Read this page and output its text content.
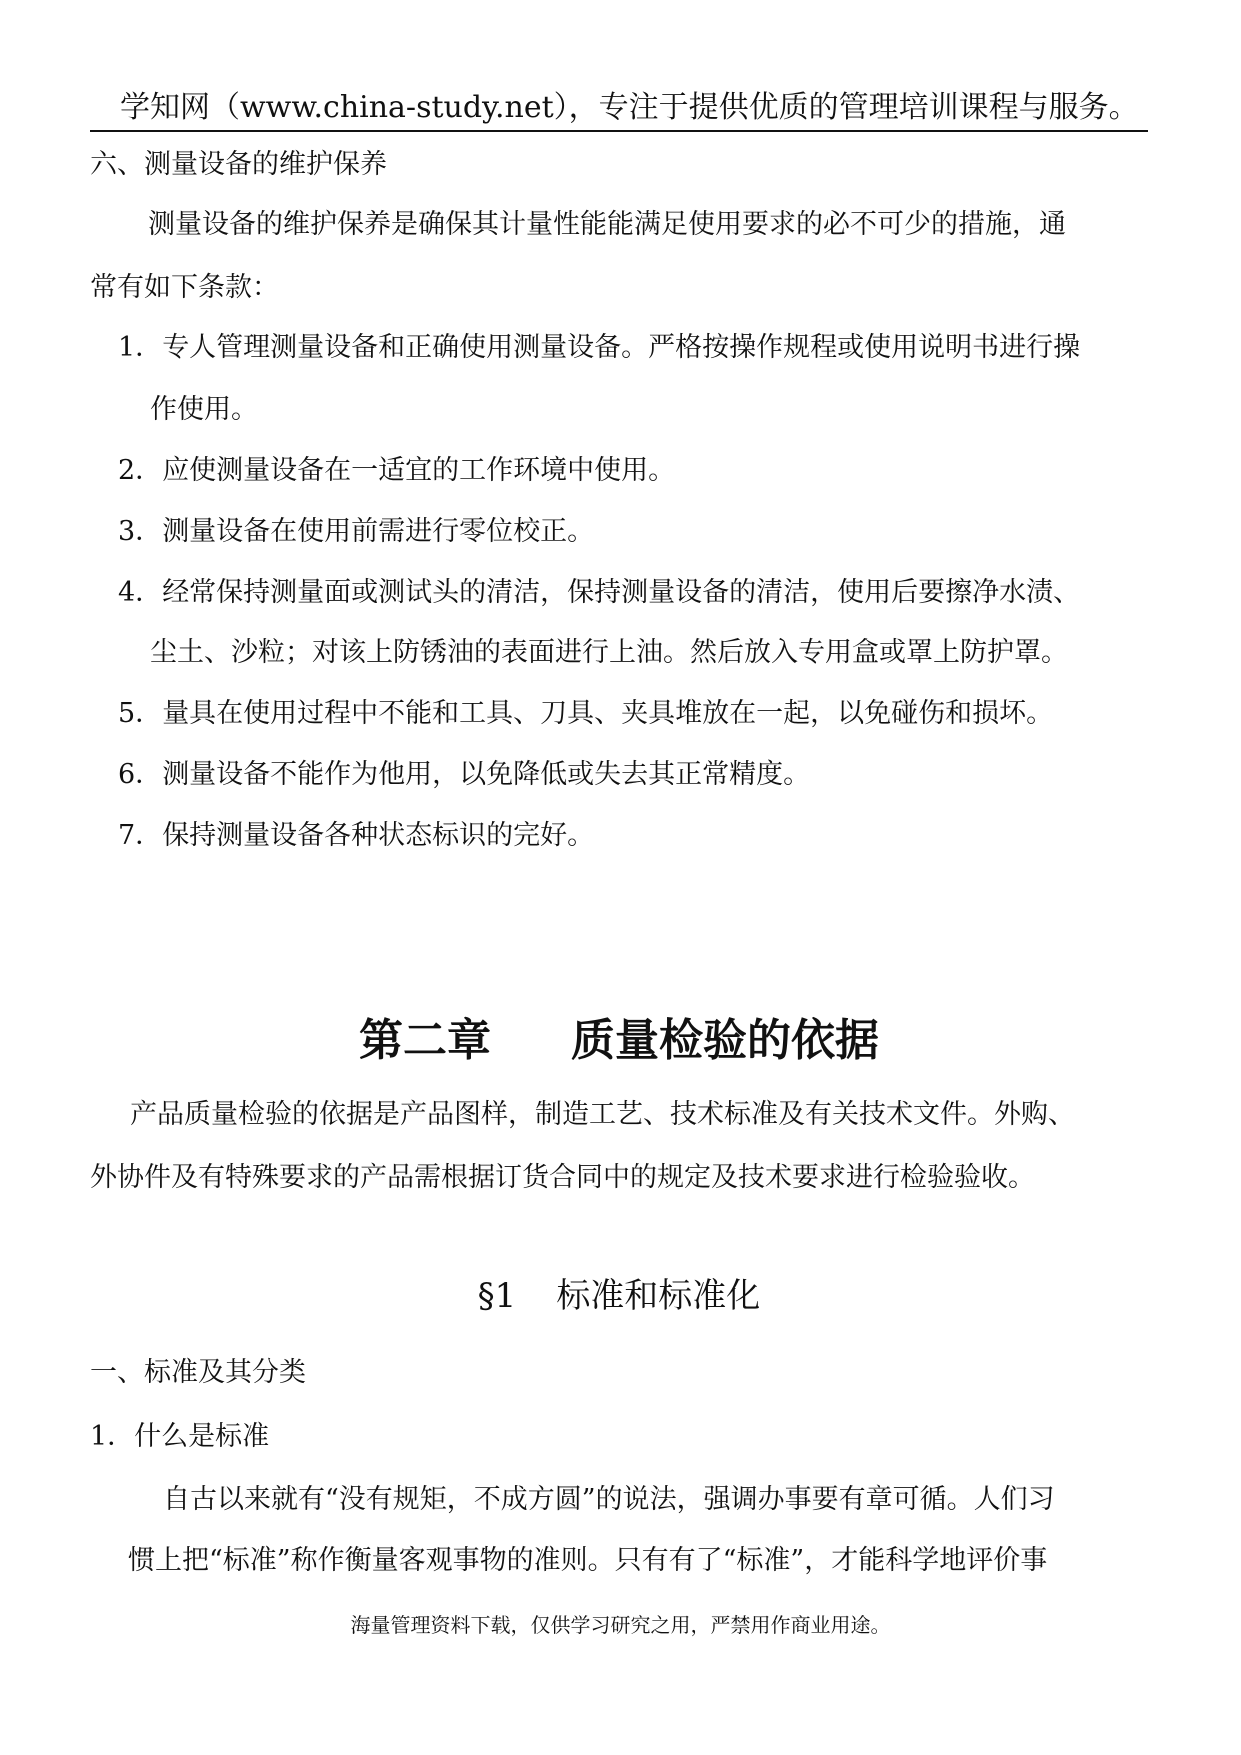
学知网（www.china-study.net），专注于提供优质的管理培训课程与服务。
六、测量设备的维护保养
测量设备的维护保养是确保其计量性能能满足使用要求的必不可少的措施，通
常有如下条款：
1．专人管理测量设备和正确使用测量设备。严格按操作规程或使用说明书进行操
作使用。
2．应使测量设备在一适宜的工作环境中使用。
3．测量设备在使用前需进行零位校正。
4．经常保持测量面或测试头的清洁，保持测量设备的清洁，使用后要擦净水渍、
尘土、沙粒；对该上防锈油的表面进行上油。然后放入专用盒或罩上防护罩。
5．量具在使用过程中不能和工具、刀具、夹具堆放在一起，以免碰伤和损坏。
6．测量设备不能作为他用，以免降低或失去其正常精度。
7．保持测量设备各种状态标识的完好。
第二章 质量检验的依据
产品质量检验的依据是产品图样，制造工艺、技术标准及有关技术文件。外购、
外协件及有特殊要求的产品需根据订货合同中的规定及技术要求进行检验验收。
§1 标准和标准化
一、标准及其分类
1．什么是标准
自古以来就有“没有规矩，不成方圆”的说法，强调办事要有章可循。人们习
惯上把“标准”称作衡量客观事物的准则。只有有了“标准”，才能科学地评价事
海量管理资料下载，仅供学习研究之用，严禁用作商业用途。
